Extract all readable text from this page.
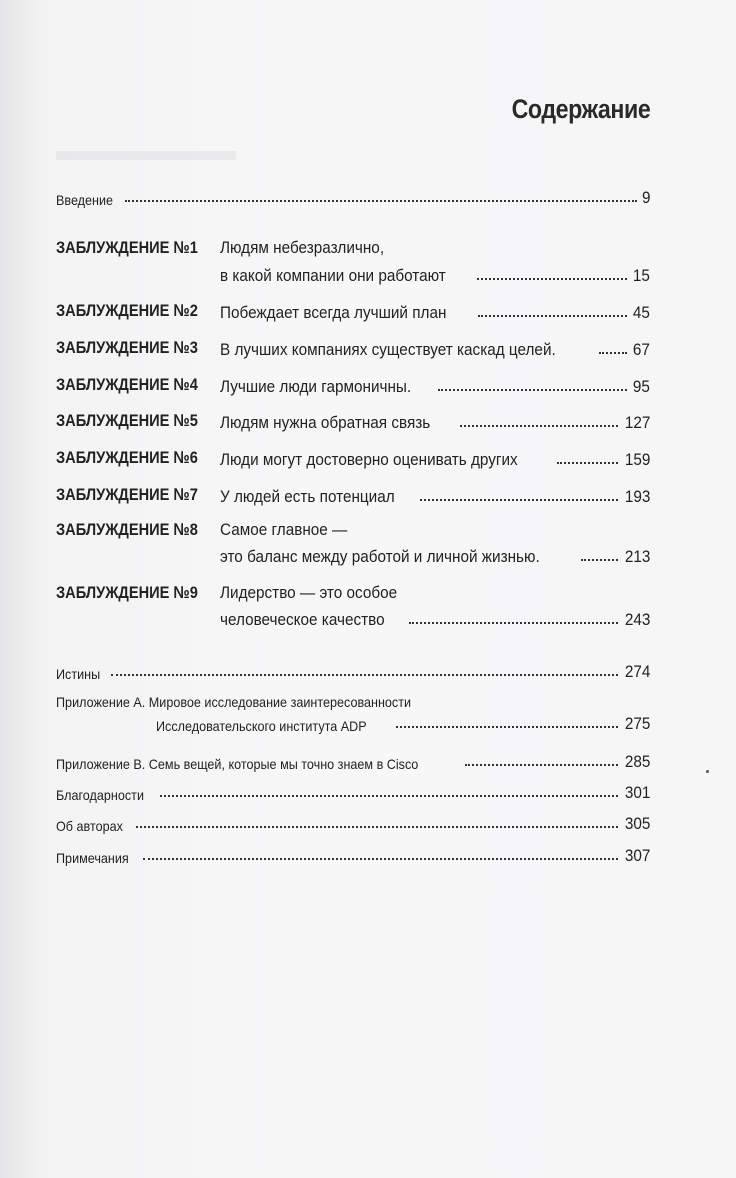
▬▬▬▬▬▬
Содержание
Введение	9
ЗАБЛУЖДЕНИЕ №1 Людям небезразлично,
в какой компании они работают	15
ЗАБЛУЖДЕНИЕ №2 Побеждает всегда лучший план	45
ЗАБЛУЖДЕНИЕ №3 В лучших компаниях существует каскад целей.	67
ЗАБЛУЖДЕНИЕ №4 Лучшие люди гармоничны.	95
ЗАБЛУЖДЕНИЕ №5 Людям нужна обратная связь	127
ЗАБЛУЖДЕНИЕ №6 Люди могут достоверно оценивать других	159
ЗАБЛУЖДЕНИЕ №7 У людей есть потенциал	193
ЗАБЛУЖДЕНИЕ №8 Самое главное —
это баланс между работой и личной жизнью.	213
ЗАБЛУЖДЕНИЕ №9 Лидерство — это особое
человеческое качество	243
Истины	274
Приложение А. Мировое исследование заинтересованности
Исследовательского института ADP	275
Приложение B. Семь вещей, которые мы точно знаем в Cisco	285
Благодарности	301
Об авторах	305
Примечания	307
